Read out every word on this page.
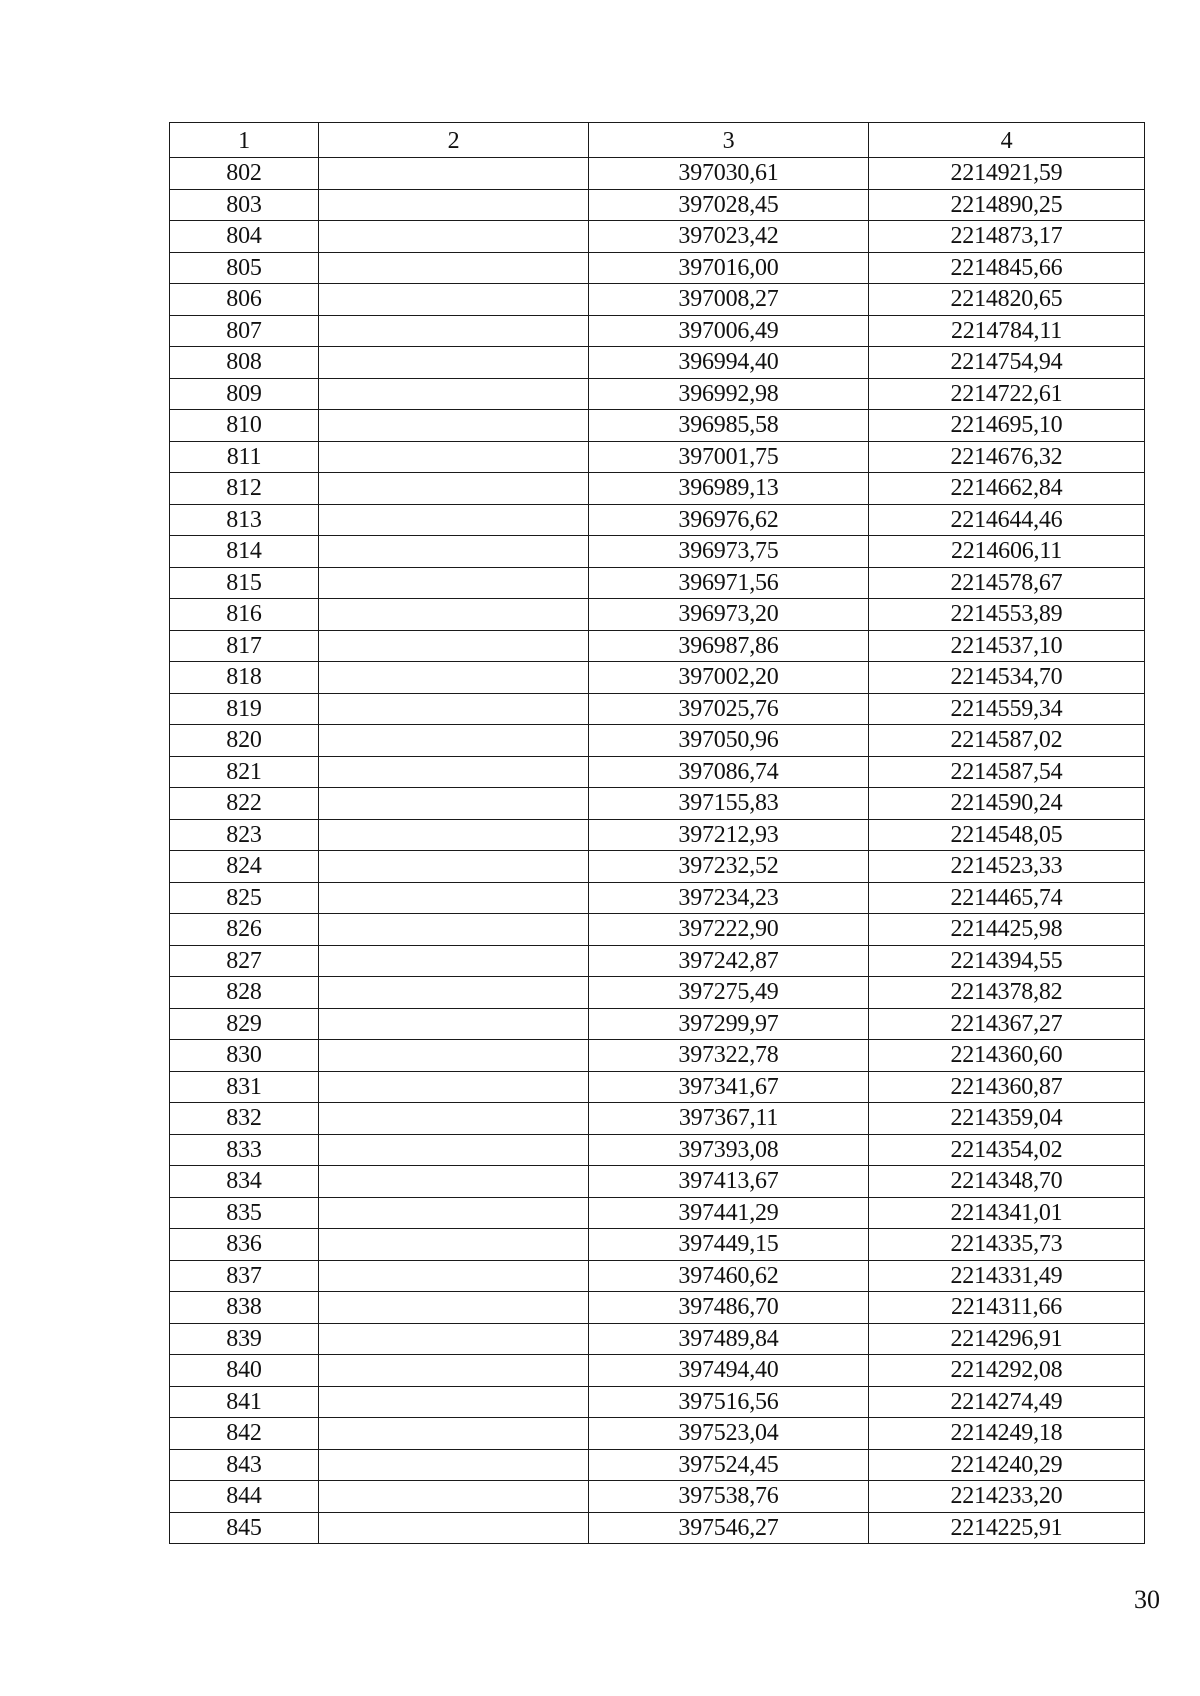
1	2	3	4
802		397030,61	2214921,59
803		397028,45	2214890,25
804		397023,42	2214873,17
805		397016,00	2214845,66
806		397008,27	2214820,65
807		397006,49	2214784,11
808		396994,40	2214754,94
809		396992,98	2214722,61
810		396985,58	2214695,10
811		397001,75	2214676,32
812		396989,13	2214662,84
813		396976,62	2214644,46
814		396973,75	2214606,11
815		396971,56	2214578,67
816		396973,20	2214553,89
817		396987,86	2214537,10
818		397002,20	2214534,70
819		397025,76	2214559,34
820		397050,96	2214587,02
821		397086,74	2214587,54
822		397155,83	2214590,24
823		397212,93	2214548,05
824		397232,52	2214523,33
825		397234,23	2214465,74
826		397222,90	2214425,98
827		397242,87	2214394,55
828		397275,49	2214378,82
829		397299,97	2214367,27
830		397322,78	2214360,60
831		397341,67	2214360,87
832		397367,11	2214359,04
833		397393,08	2214354,02
834		397413,67	2214348,70
835		397441,29	2214341,01
836		397449,15	2214335,73
837		397460,62	2214331,49
838		397486,70	2214311,66
839		397489,84	2214296,91
840		397494,40	2214292,08
841		397516,56	2214274,49
842		397523,04	2214249,18
843		397524,45	2214240,29
844		397538,76	2214233,20
845		397546,27	2214225,91
30
